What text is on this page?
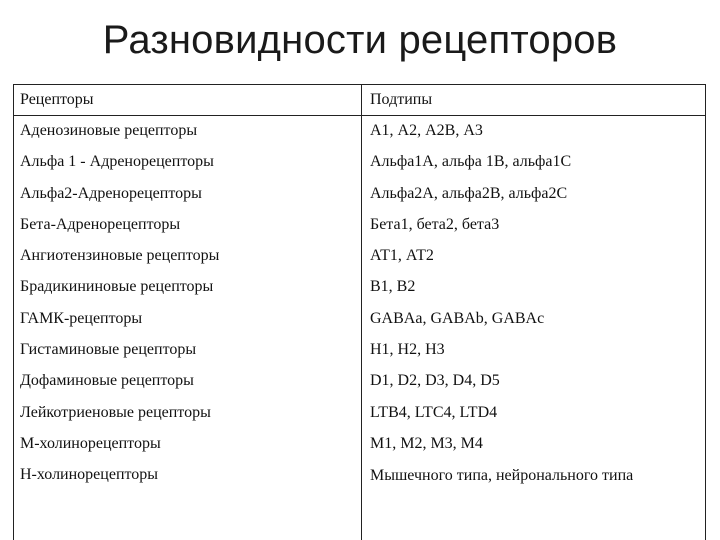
Разновидности рецепторов
Рецепторы	Подтипы
Аденозиновые рецепторы	А1, А2, А2В, А3
Альфа 1 - Адренорецепторы	Альфа1А, альфа 1В, альфа1С
Альфа2-Адренорецепторы	Альфа2А, альфа2В, альфа2С
Бета-Адренорецепторы	Бета1, бета2, бета3
Ангиотензиновые рецепторы	АТ1, АТ2
Брадикининовые рецепторы	В1, В2
ГАМК-рецепторы	GABAa, GABAb, GABAc
Гистаминовые рецепторы	Н1, Н2, Н3
Дофаминовые рецепторы	D1, D2, D3, D4, D5
Лейкотриеновые рецепторы	LTB4, LTC4, LTD4
М-холинорецепторы	М1, М2, М3, М4
Н-холинорецепторы	Мышечного типа, нейронального типа
